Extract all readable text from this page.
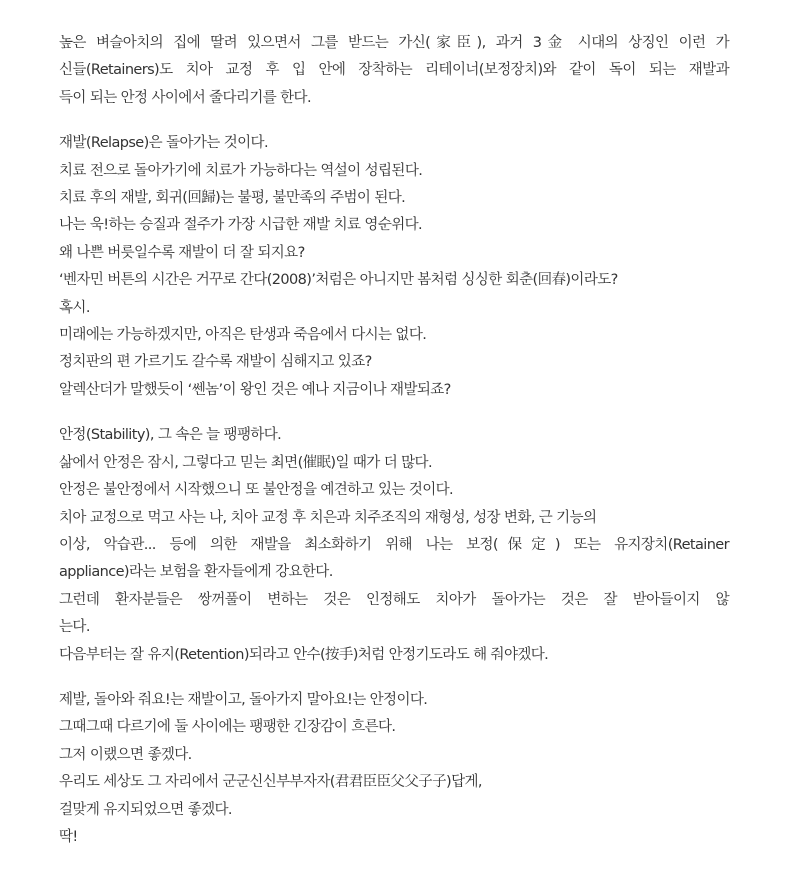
높은 벼슬아치의 집에 딸려 있으면서 그를 받드는 가신(家臣), 과거 3金 시대의 상징인 이런 가
신들(Retainers)도 치아 교정 후 입 안에 장착하는 리테이너(보정장치)와 같이 독이 되는 재발과
득이 되는 안정 사이에서 줄다리기를 한다.
재발(Relapse)은 돌아가는 것이다.
치료 전으로 돌아가기에 치료가 가능하다는 역설이 성립된다.
치료 후의 재발, 회귀(回歸)는 불평, 불만족의 주범이 된다.
나는 욱!하는 승질과 절주가 가장 시급한 재발 치료 영순위다.
왜 나쁜 버릇일수록 재발이 더 잘 되지요?
‘벤자민 버튼의 시간은 거꾸로 간다(2008)’처럼은 아니지만 봄처럼 싱싱한 회춘(回春)이라도?
혹시.
미래에는 가능하겠지만, 아직은 탄생과 죽음에서 다시는 없다.
정치판의 편 가르기도 갈수록 재발이 심해지고 있죠?
알렉산더가 말했듯이 ‘쎈놈’이 왕인 것은 예나 지금이나 재발되죠?
안정(Stability), 그 속은 늘 팽팽하다.
삶에서 안정은 잠시, 그렇다고 믿는 최면(催眠)일 때가 더 많다.
안정은 불안정에서 시작했으니 또 불안정을 예견하고 있는 것이다.
치아 교정으로 먹고 사는 나, 치아 교정 후 치은과 치주조직의 재형성, 성장 변화, 근 기능의
이상, 악습관... 등에 의한 재발을 최소화하기 위해 나는 보정(保定) 또는 유지장치(Retainer
appliance)라는 보험을 환자들에게 강요한다.
그런데 환자분들은 쌍꺼풀이 변하는 것은 인정해도 치아가 돌아가는 것은 잘 받아들이지 않
는다.
다음부터는 잘 유지(Retention)되라고 안수(按手)처럼 안정기도라도 해 줘야겠다.
제발, 돌아와 줘요!는 재발이고, 돌아가지 말아요!는 안정이다.
그때그때 다르기에 둘 사이에는 팽팽한 긴장감이 흐른다.
그저 이랬으면 좋겠다.
우리도 세상도 그 자리에서 군군신신부부자자(君君臣臣父父子子)답게,
걸맞게 유지되었으면 좋겠다.
딱!
